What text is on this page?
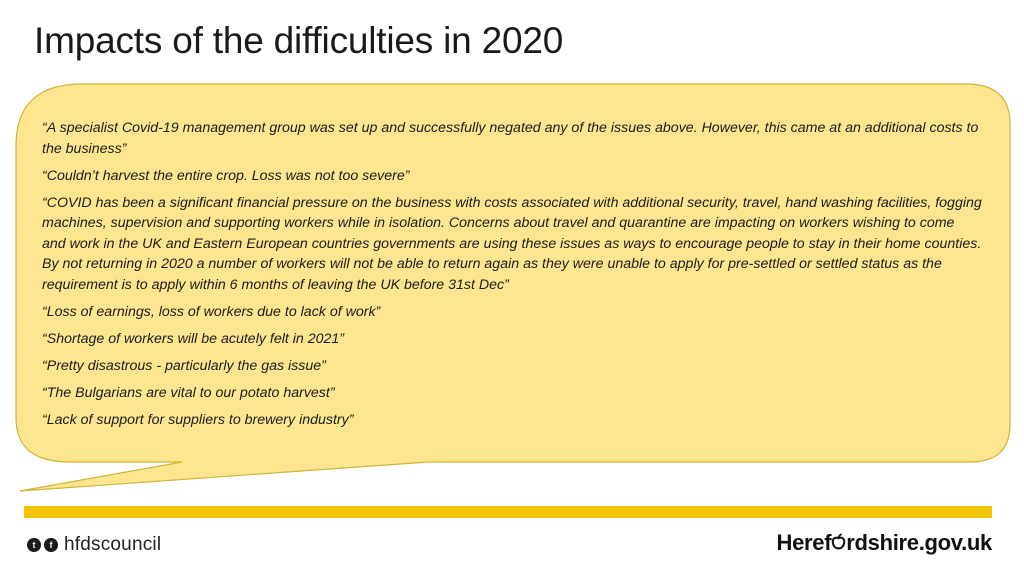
Impacts of the difficulties in 2020

“A specialist Covid-19 management group was set up and successfully negated any of the issues above. However, this came at an additional costs to the business”

“Couldn’t harvest the entire crop. Loss was not too severe”

“COVID has been a significant financial pressure on the business with costs associated with additional security, travel, hand washing facilities, fogging machines, supervision and supporting workers while in isolation. Concerns about travel and quarantine are impacting on workers wishing to come and work in the UK and Eastern European countries governments are using these issues as ways to encourage people to stay in their home counties. By not returning in 2020 a number of workers will not be able to return again as they were unable to apply for pre-settled or settled status as the requirement is to apply within 6 months of leaving the UK before 31st Dec”

“Loss of earnings, loss of workers due to lack of work”

“Shortage of workers will be acutely felt in 2021”

“Pretty disastrous - particularly the gas issue”

“The Bulgarians are vital to our potato harvest”

“Lack of support for suppliers to brewery industry”

t	f hfdscouncil	Heref rdshire.gov.uk
